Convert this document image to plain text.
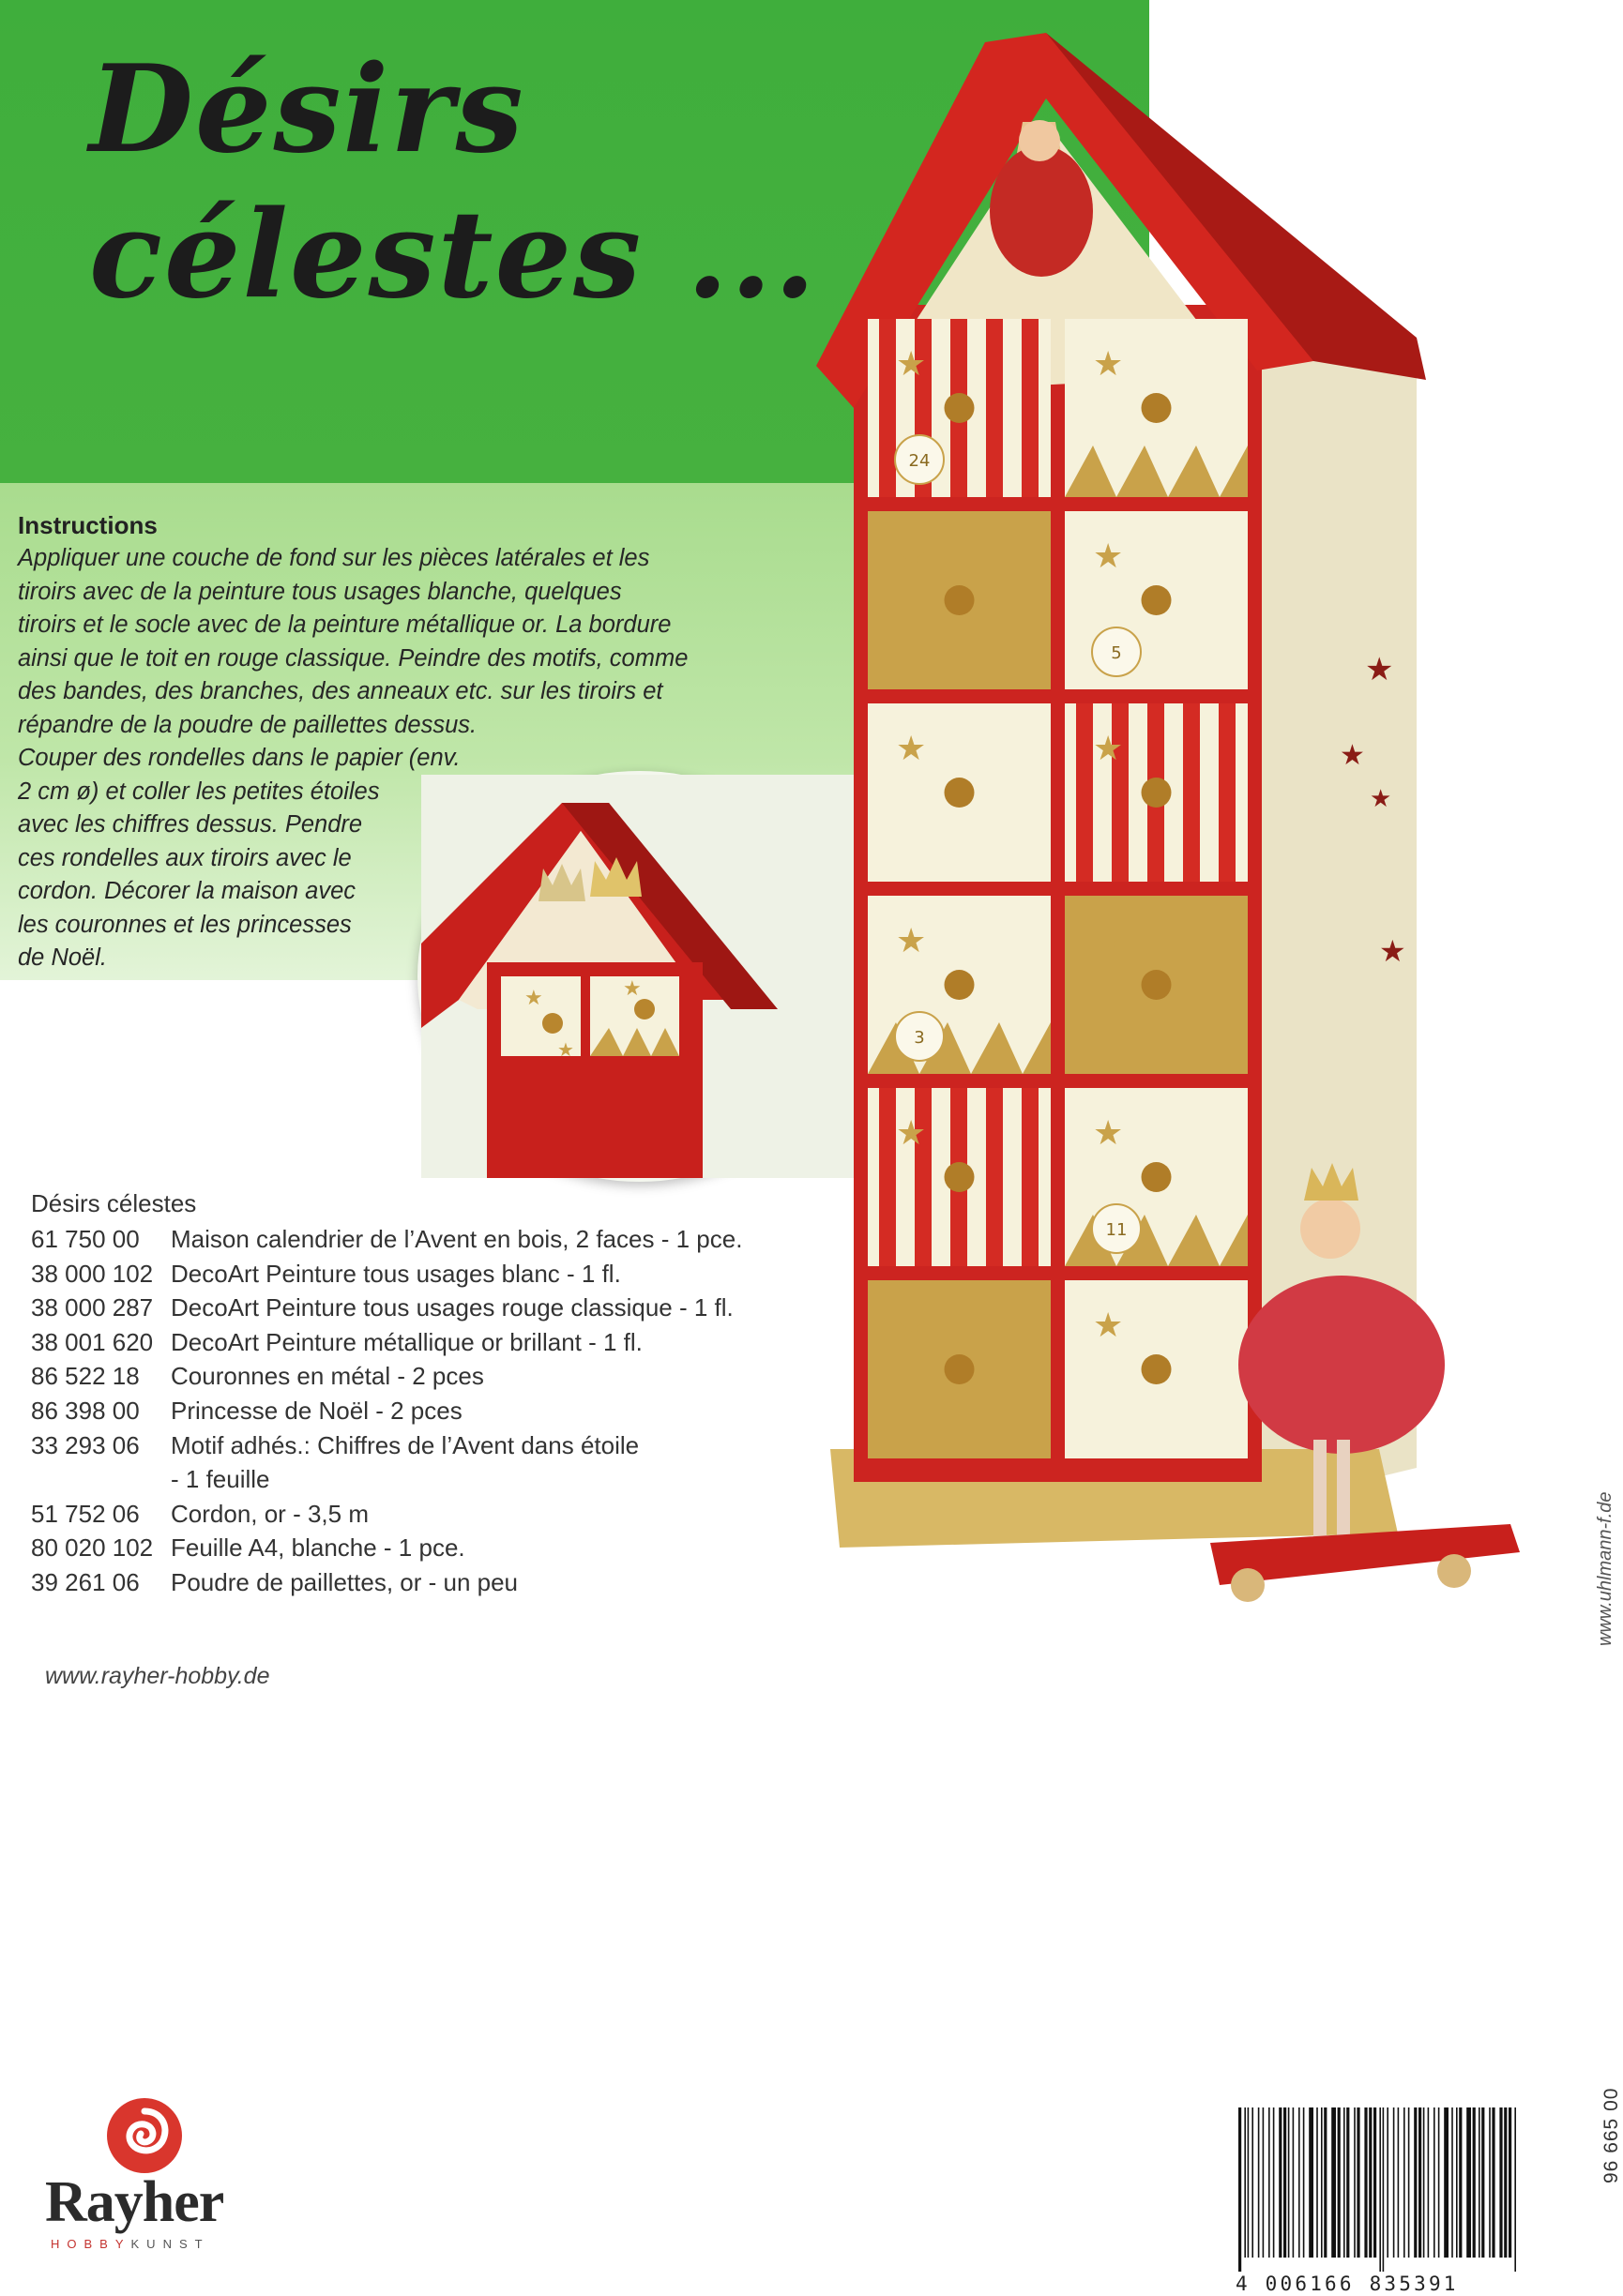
Désirs
célestes ...
Instructions

Appliquer une couche de fond sur les pièces latérales et les
tiroirs avec de la peinture tous usages blanche, quelques
tiroirs et le socle avec de la peinture métallique or. La bordure
ainsi que le toit en rouge classique. Peindre des motifs, comme
des bandes, des branches, des anneaux etc. sur les tiroirs et
répandre de la poudre de paillettes dessus.
Couper des rondelles dans le papier (env.
2 cm ø) et coller les petites étoiles
avec les chiffres dessus. Pendre
ces rondelles aux tiroirs avec le
cordon. Décorer la maison avec
les couronnes et les princesses
de Noël.

★	★
★
★
24
★
★	★
5
★	★
★
3
★
★	★
11
★	★
★
★
★
★

Désirs célestes

61 750 00	Maison calendrier de l’Avent en bois, 2 faces - 1 pce.
38 000 102 DecoArt Peinture tous usages blanc - 1 fl.
38 000 287 DecoArt Peinture tous usages rouge classique - 1 fl.
38 001 620 DecoArt Peinture métallique or brillant - 1 fl.
86 522 18	Couronnes en métal - 2 pces
86 398 00	Princesse de Noël - 2 pces
33 293 06	Motif adhés.: Chiffres de l’Avent dans étoile
- 1 feuille
51 752 06	Cordon, or - 3,5 m
80 020 102 Feuille A4, blanche - 1 pce.
39 261 06	Poudre de paillettes, or - un peu
www.rayher-hobby.de
www.uhlmann-f.de
Rayher
HOBBYKUNST
4 006166 835391
96 665 00
